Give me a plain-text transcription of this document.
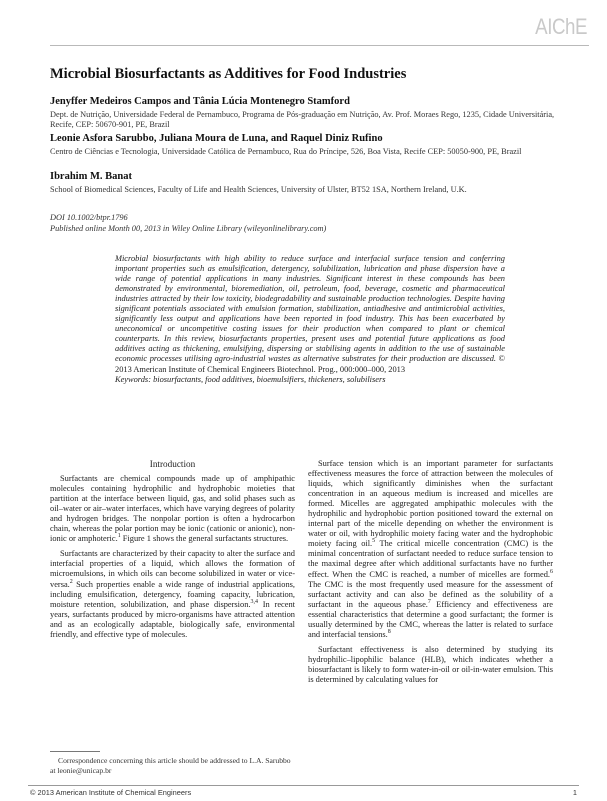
AIChE
Microbial Biosurfactants as Additives for Food Industries
Jenyffer Medeiros Campos and Tânia Lúcia Montenegro Stamford
Dept. de Nutrição, Universidade Federal de Pernambuco, Programa de Pós-graduação em Nutrição, Av. Prof. Moraes Rego, 1235, Cidade Universitária, Recife, CEP: 50670-901, PE, Brazil
Leonie Asfora Sarubbo, Juliana Moura de Luna, and Raquel Diniz Rufino
Centro de Ciências e Tecnologia, Universidade Católica de Pernambuco, Rua do Príncipe, 526, Boa Vista, Recife CEP: 50050-900, PE, Brazil
Ibrahim M. Banat
School of Biomedical Sciences, Faculty of Life and Health Sciences, University of Ulster, BT52 1SA, Northern Ireland, U.K.
DOI 10.1002/btpr.1796
Published online Month 00, 2013 in Wiley Online Library (wileyonlinelibrary.com)
Microbial biosurfactants with high ability to reduce surface and interfacial surface tension and conferring important properties such as emulsification, detergency, solubilization, lubrication and phase dispersion have a wide range of potential applications in many industries. Significant interest in these compounds has been demonstrated by environmental, bioremediation, oil, petroleum, food, beverage, cosmetic and pharmaceutical industries attracted by their low toxicity, biodegradability and sustainable production technologies. Despite having significant potentials associated with emulsion formation, stabilization, antiadhesive and antimicrobial activities, significantly less output and applications have been reported in food industry. This has been exacerbated by uneconomical or uncompetitive costing issues for their production when compared to plant or chemical counterparts. In this review, biosurfactants properties, present uses and potential future applications as food additives acting as thickening, emulsifying, dispersing or stabilising agents in addition to the use of sustainable economic processes utilising agro-industrial wastes as alternative substrates for their production are discussed. © 2013 American Institute of Chemical Engineers Biotechnol. Prog., 000:000–000, 2013
Keywords: biosurfactants, food additives, bioemulsifiers, thickeners, solubilisers

Introduction

Surfactants are chemical compounds made up of amphipathic molecules containing hydrophilic and hydrophobic moieties that partition at the interface between liquid, gas, and solid phases such as oil–water or air–water interfaces, which have varying degrees of polarity and hydrogen bridges. The nonpolar portion is often a hydrocarbon chain, whereas the polar portion may be ionic (cationic or anionic), non-ionic or amphoteric.$^1$ Figure 1 shows the general surfactants structures.

Surfactants are characterized by their capacity to alter the surface and interfacial properties of a liquid, which allows the formation of microemulsions, in which oils can become solubilized in water or vice-versa.$^2$ Such properties enable a wide range of industrial applications, including emulsification, detergency, foaming capacity, lubrication, moisture retention, solubilization, and phase dispersion.$^{3,4}$ In recent years, surfactants produced by micro-organisms have attracted attention and as an ecologically adaptable, biologically safe, environmental friendly, and effective type of molecules.

Surface tension which is an important parameter for surfactants effectiveness measures the force of attraction between the molecules of liquids, which significantly diminishes when the surfactant concentration in an aqueous medium is increased and micelles are formed. Micelles are aggregated amphipathic molecules with the hydrophilic and hydrophobic portion positioned toward the external on internal part of the micelle depending on whether the environment is water or oil, with hydrophilic moiety facing water and the hydrophobic moiety facing oil.$^5$ The critical micelle concentration (CMC) is the minimal concentration of surfactant needed to reduce surface tension to the maximal degree after which additional surfactants have no further effect. When the CMC is reached, a number of micelles are formed.$^6$ The CMC is the most frequently used measure for the assessment of surfactant activity and can also be defined as the solubility of a surfactant in the aqueous phase.$^7$ Efficiency and effectiveness are essential characteristics that determine a good surfactant; the former is usually determined by the CMC, whereas the latter is related to surface and interfacial tensions.$^8$

Surfactant effectiveness is also determined by studying its hydrophilic–lipophilic balance (HLB), which indicates whether a biosurfactant is likely to form water-in-oil or oil-in-water emulsion. This is determined by calculating values for

Correspondence concerning this article should be addressed to L.A. Sarubbo at leonie@unicap.br
© 2013 American Institute of Chemical Engineers	1
